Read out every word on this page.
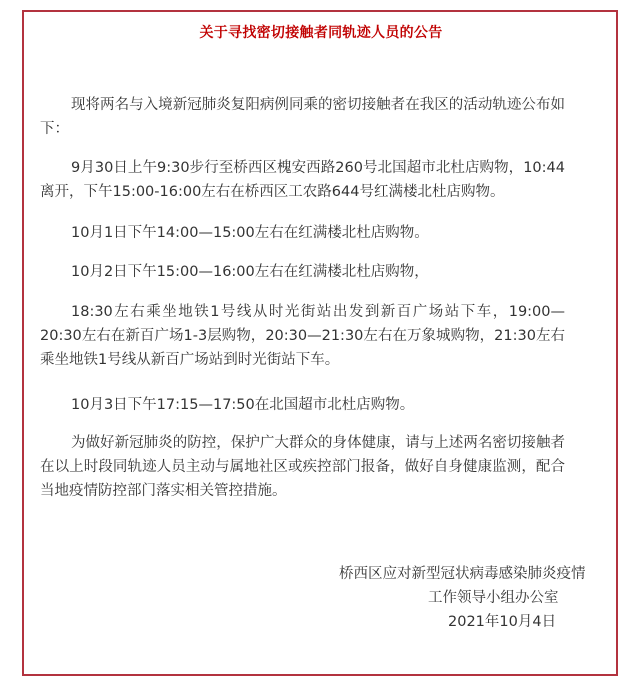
关于寻找密切接触者同轨迹人员的公告

现将两名与入境新冠肺炎复阳病例同乘的密切接触者在我区的活动轨迹公布如下：

9月30日上午9:30步行至桥西区槐安西路260号北国超市北杜店购物，10:44离开，下午15:00-16:00左右在桥西区工农路644号红满楼北杜店购物。

10月1日下午14:00—15:00左右在红满楼北杜店购物。

10月2日下午15:00—16:00左右在红满楼北杜店购物，

18:30左右乘坐地铁1号线从时光街站出发到新百广场站下车，19:00—20:30左右在新百广场1-3层购物，20:30—21:30左右在万象城购物，21:30左右乘坐地铁1号线从新百广场站到时光街站下车。

10月3日下午17:15—17:50在北国超市北杜店购物。

为做好新冠肺炎的防控，保护广大群众的身体健康，请与上述两名密切接触者在以上时段同轨迹人员主动与属地社区或疾控部门报备，做好自身健康监测，配合当地疫情防控部门落实相关管控措施。

桥西区应对新型冠状病毒感染肺炎疫情
工作领导小组办公室
2021年10月4日
